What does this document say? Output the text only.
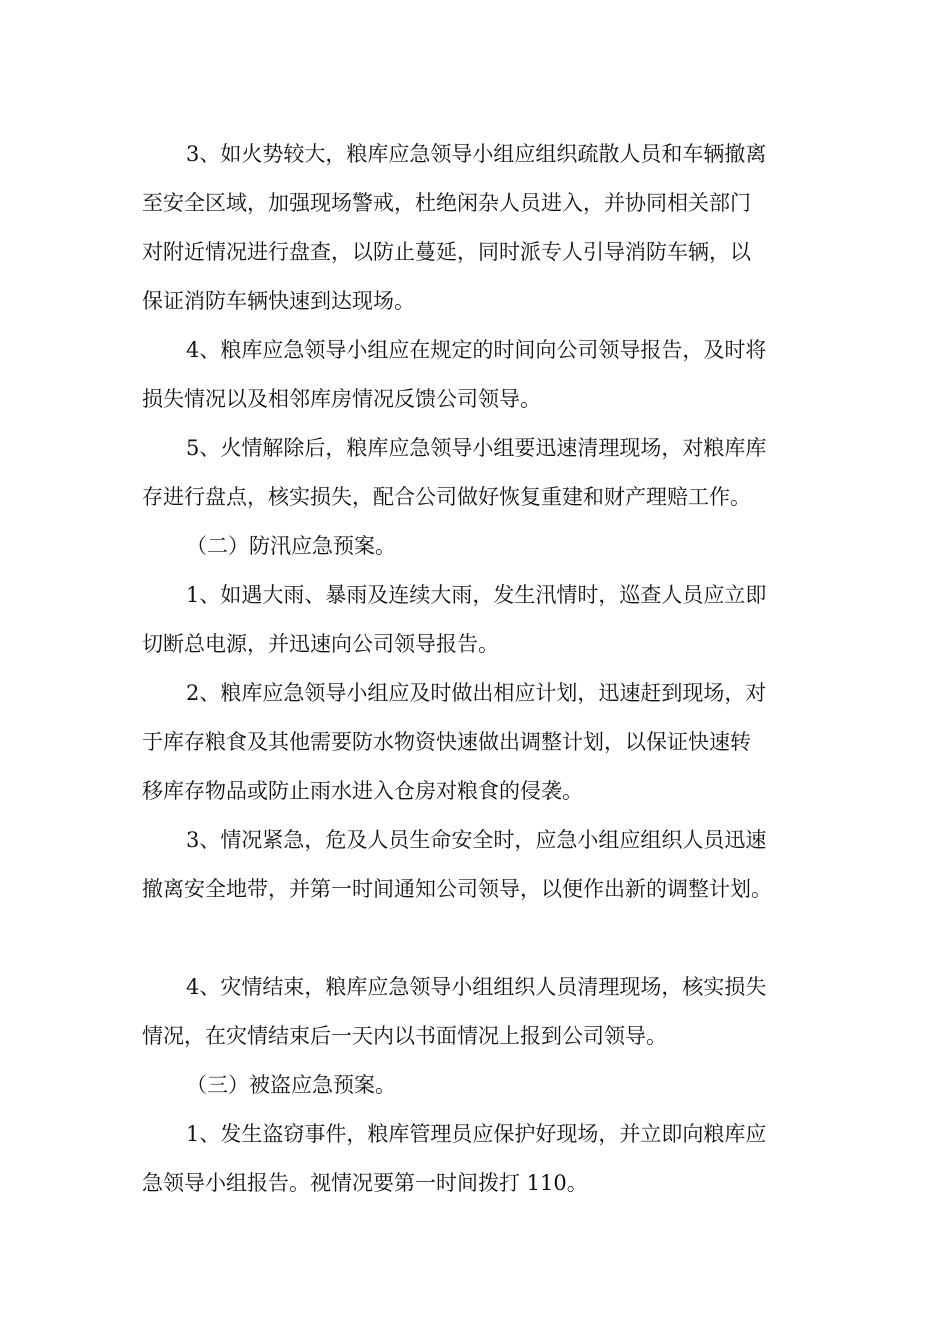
3、如火势较大，粮库应急领导小组应组织疏散人员和车辆撤离
至安全区域，加强现场警戒，杜绝闲杂人员进入，并协同相关部门
对附近情况进行盘查，以防止蔓延，同时派专人引导消防车辆，以
保证消防车辆快速到达现场。
4、粮库应急领导小组应在规定的时间向公司领导报告，及时将
损失情况以及相邻库房情况反馈公司领导。
5、火情解除后，粮库应急领导小组要迅速清理现场，对粮库库
存进行盘点，核实损失，配合公司做好恢复重建和财产理赔工作。
（二）防汛应急预案。
1、如遇大雨、暴雨及连续大雨，发生汛情时，巡查人员应立即
切断总电源，并迅速向公司领导报告。
2、粮库应急领导小组应及时做出相应计划，迅速赶到现场，对
于库存粮食及其他需要防水物资快速做出调整计划，以保证快速转
移库存物品或防止雨水进入仓房对粮食的侵袭。
3、情况紧急，危及人员生命安全时，应急小组应组织人员迅速
撤离安全地带，并第一时间通知公司领导，以便作出新的调整计划。
4、灾情结束，粮库应急领导小组组织人员清理现场，核实损失
情况，在灾情结束后一天内以书面情况上报到公司领导。
（三）被盗应急预案。
1、发生盗窃事件，粮库管理员应保护好现场，并立即向粮库应
急领导小组报告。视情况要第一时间拨打 110。
